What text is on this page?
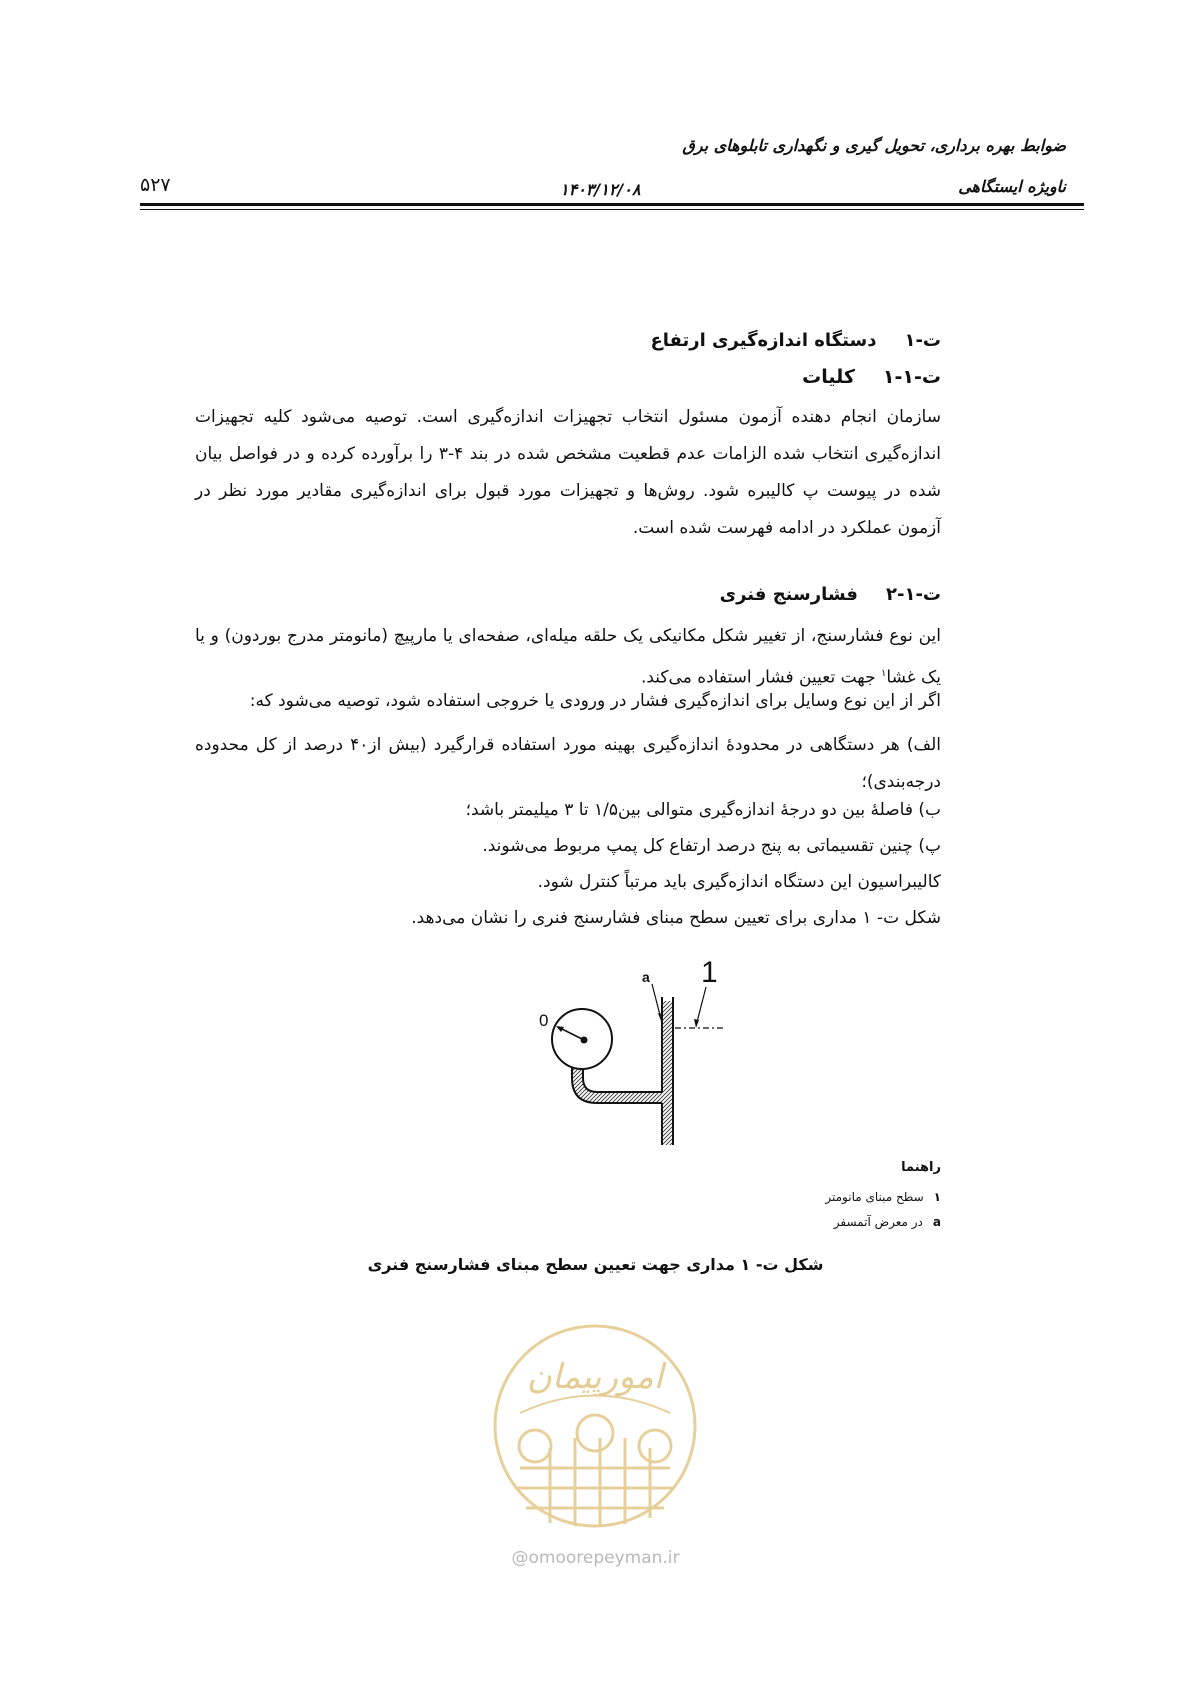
ضوابط بهره برداری، تحویل گیری و نگهداری تابلوهای برق
ناویژه ایستگاهی
۱۴۰۳/۱۲/۰۸
۵۲۷
ت-۱دستگاه اندازه‌گیری ارتفاع
ت-۱-۱کلیات
سازمان انجام دهنده آزمون مسئول انتخاب تجهیزات اندازه‌گیری است. توصیه می‌شود کلیه تجهیزات اندازه‌گیری انتخاب شده الزامات عدم قطعیت مشخص شده در بند ۴-۳ را برآورده کرده و در فواصل بیان شده در پیوست پ کالیبره شود. روش‌ها و تجهیزات مورد قبول برای اندازه‌گیری مقادیر مورد نظر در آزمون عملکرد در ادامه فهرست شده است.
ت-۱-۲فشارسنج فنری
این نوع فشارسنج، از تغییر شکل مکانیکی یک حلقه میله‌ای، صفحه‌ای یا مارپیچ (مانومتر مدرج بوردون) و یا یک غشا$^۱$ جهت تعیین فشار استفاده می‌کند.
اگر از این نوع وسایل برای اندازه‌گیری فشار در ورودی یا خروجی استفاده شود، توصیه می‌شود که:
الف) هر دستگاهی در محدودهٔ اندازه‌گیری بهینه مورد استفاده قرارگیرد (بیش از۴۰ درصد از کل محدوده درجه‌بندی)؛
ب) فاصلهٔ بین دو درجهٔ اندازه‌گیری متوالی بین۱/۵ تا ۳ میلیمتر باشد؛
پ) چنین تقسیماتی به پنج درصد ارتفاع کل پمپ مربوط می‌شوند.
کالیبراسیون این دستگاه اندازه‌گیری باید مرتباً کنترل شود.
شکل ت- ۱ مداری برای تعیین سطح مبنای فشارسنج فنری را نشان می‌دهد.
a 1
0
راهنما
۱سطح مبنای مانومتر
aدر معرض آتمسفر
شکل ت- ۱ مداری جهت تعیین سطح مبنای فشارسنج فنری
امورپیمان
@omoorepeyman.ir
